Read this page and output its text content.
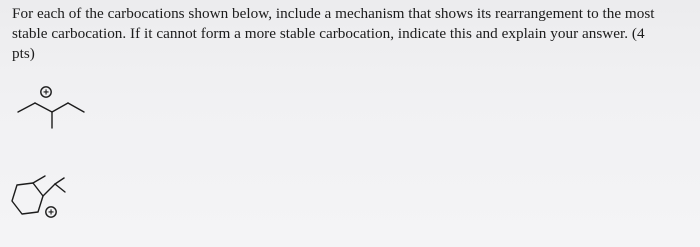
For each of the carbocations shown below, include a mechanism that shows its rearrangement to the most
stable carbocation. If it cannot form a more stable carbocation, indicate this and explain your answer. (4
pts)

+
+
